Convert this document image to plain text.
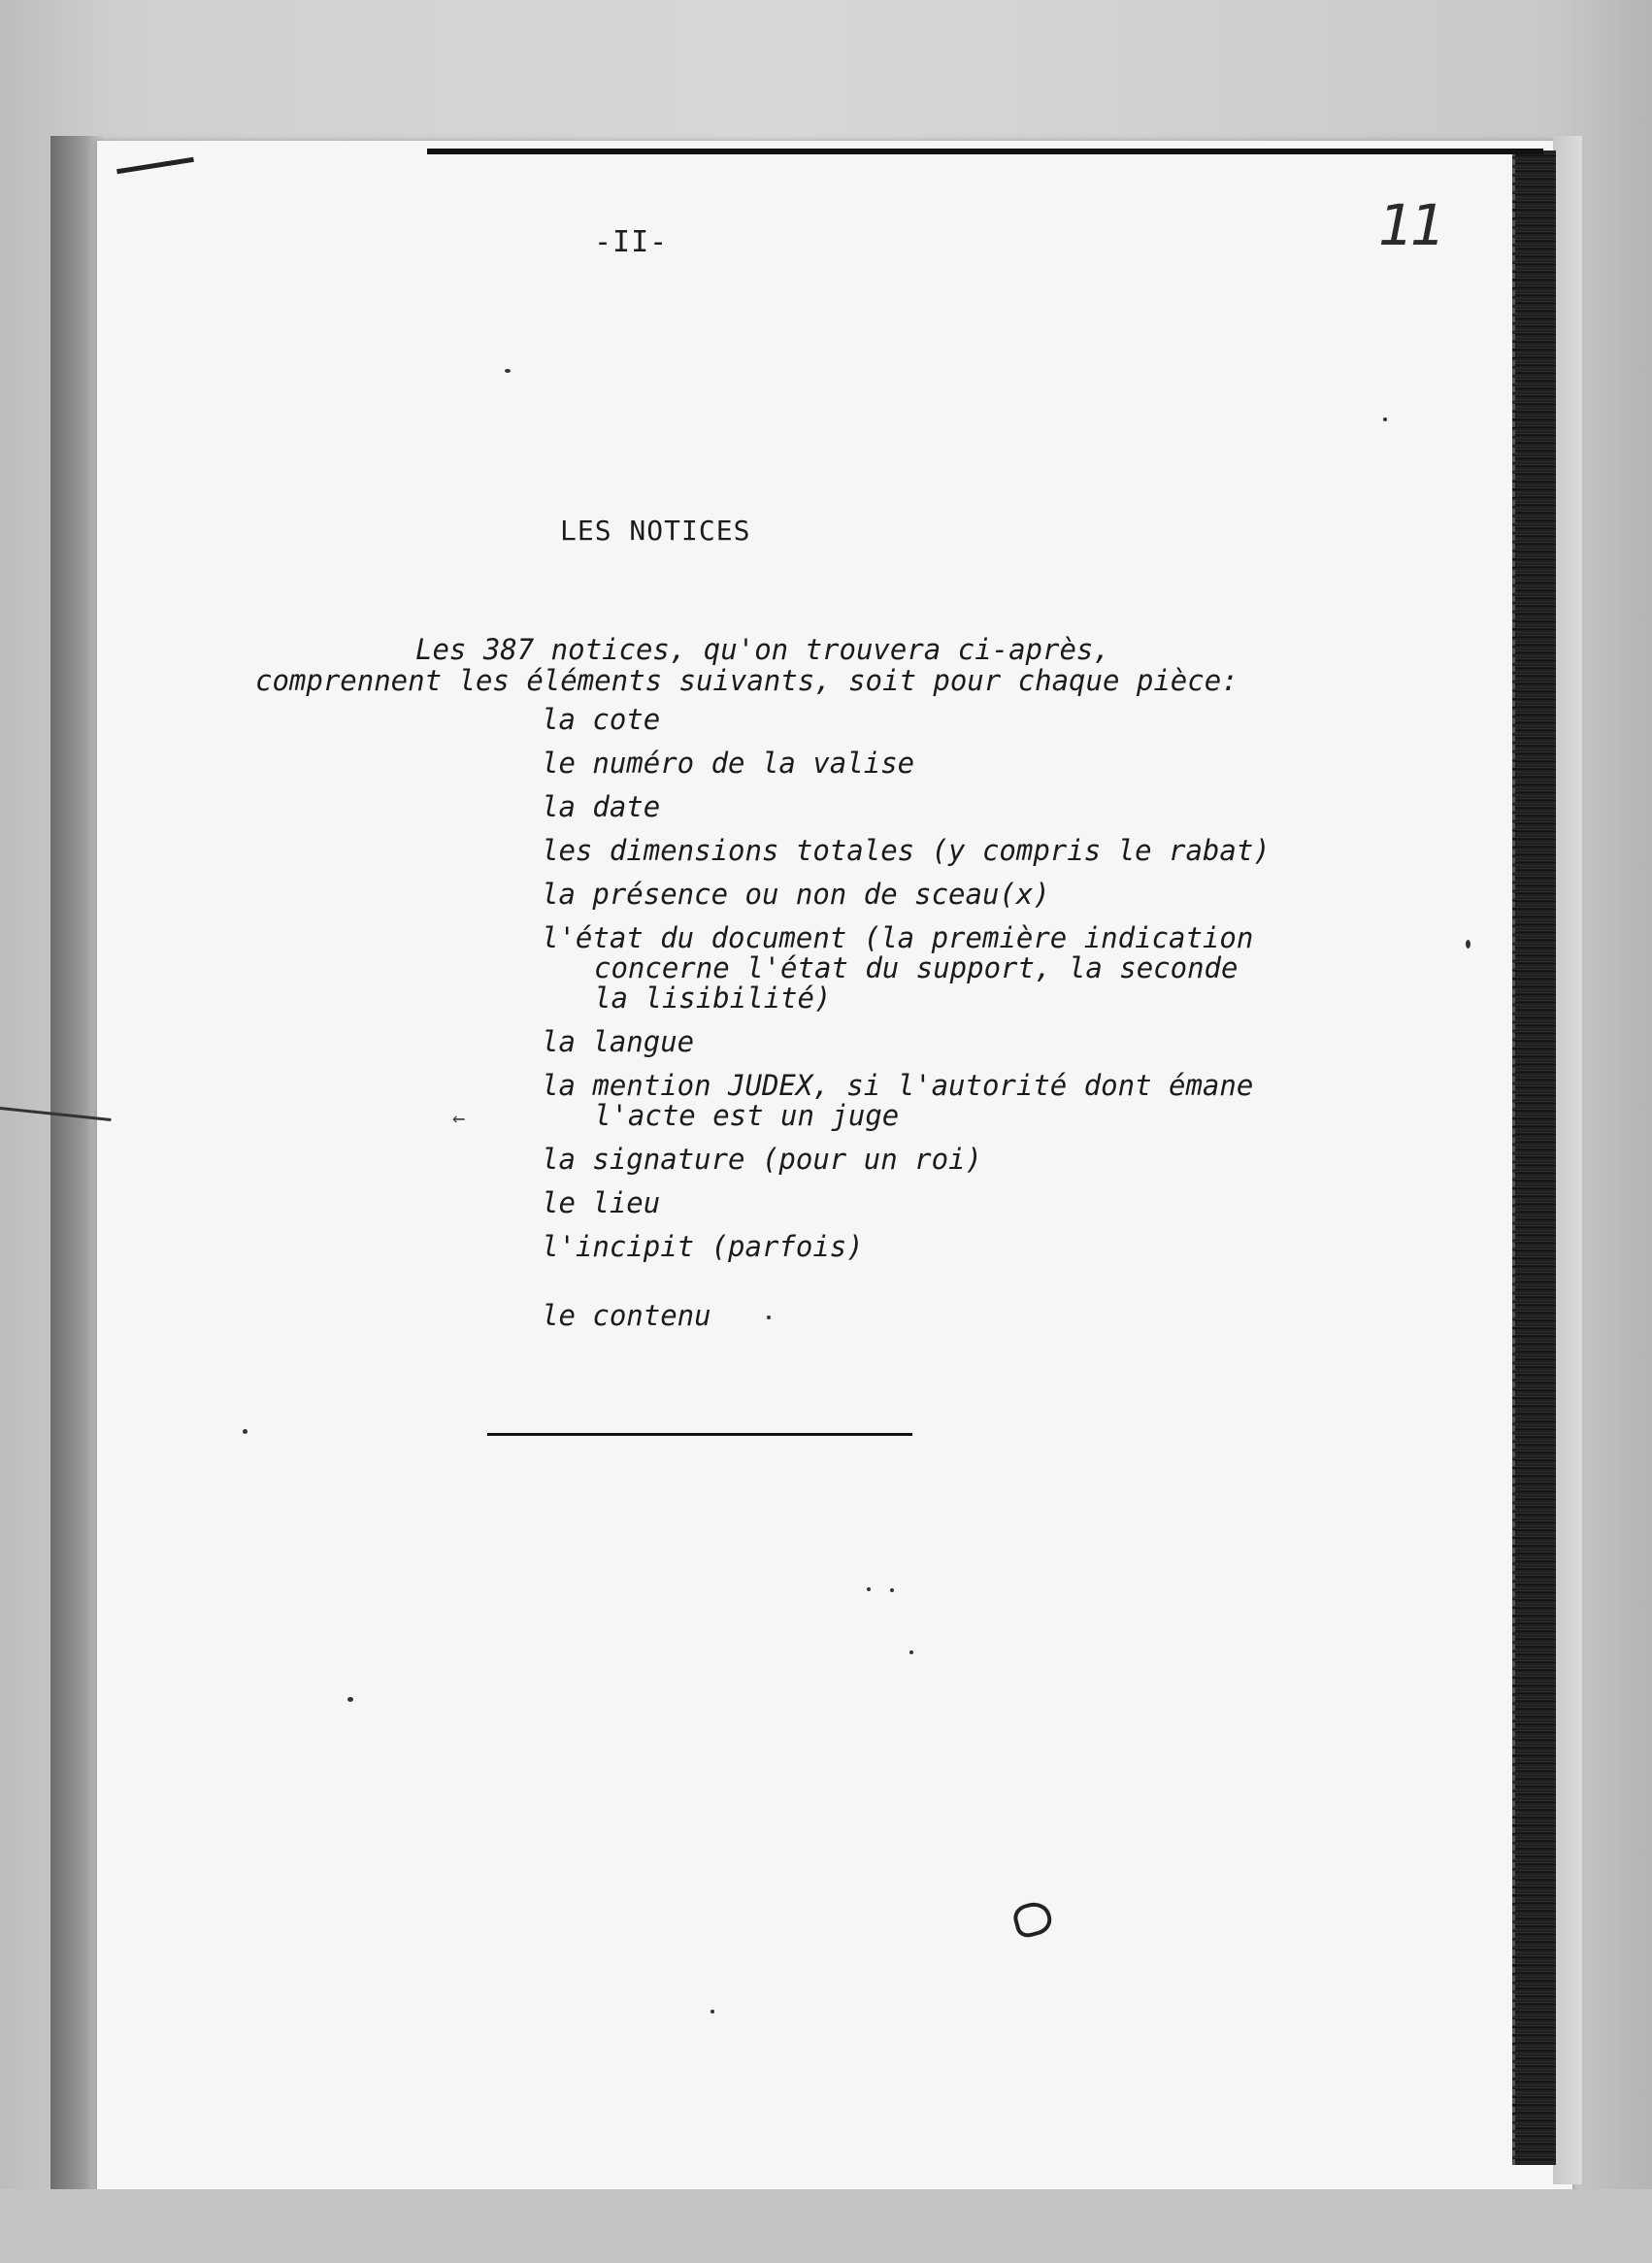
-II-	11
LES NOTICES
Les 387 notices, qu'on trouvera ci-après,
comprennent les éléments suivants, soit pour chaque pièce:
la cote
le numéro de la valise
la date
les dimensions totales (y compris le rabat)
la présence ou non de sceau(x)
l'état du document (la première indication
concerne l'état du support, la seconde
la lisibilité)
la langue
la mention JUDEX, si l'autorité dont émane
l'acte est un juge
la signature (pour un roi)
le lieu
l'incipit (parfois)
le contenu
←
